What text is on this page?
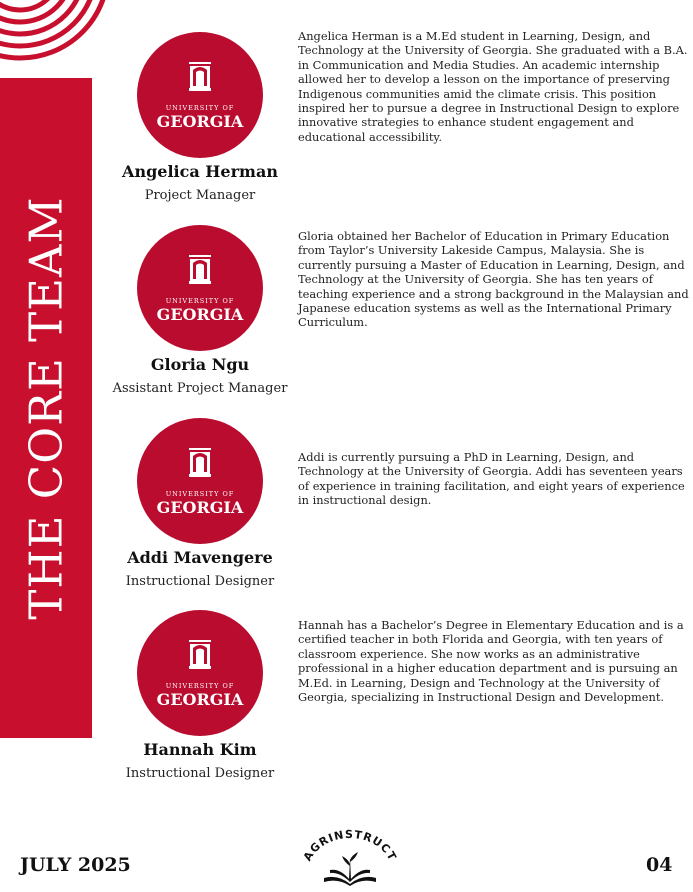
THE CORE TEAM
UNIVERSITY OF
GEORGIA
Angelica Herman
Project Manager
Angelica Herman is a M.Ed student in Learning, Design, and Technology at the University of Georgia. She graduated with a B.A. in Communication and Media Studies. An academic internship allowed her to develop a lesson on the importance of preserving Indigenous communities amid the climate crisis. This position inspired her to pursue a degree in Instructional Design to explore innovative strategies to enhance student engagement and educational accessibility.
UNIVERSITY OF
GEORGIA
Gloria Ngu
Assistant Project Manager
Gloria obtained her Bachelor of Education in Primary Education from Taylor’s University Lakeside Campus, Malaysia. She is currently pursuing a Master of Education in Learning, Design, and Technology at the University of Georgia. She has ten years of teaching experience and a strong background in the Malaysian and Japanese education systems as well as the International Primary Curriculum.
UNIVERSITY OF
GEORGIA
Addi Mavengere
Instructional Designer
Addi is currently pursuing a PhD in Learning, Design, and Technology at the University of Georgia. Addi has seventeen years of experience in training facilitation, and eight years of experience in instructional design.
UNIVERSITY OF
GEORGIA
Hannah Kim
Instructional Designer
Hannah has a Bachelor’s Degree in Elementary Education and is a certified teacher in both Florida and Georgia, with ten years of classroom experience. She now works as an administrative professional in a higher education department and is pursuing an M.Ed. in Learning, Design and Technology at the University of Georgia, specializing in Instructional Design and Development.
JULY 2025	AGRINSTRUCT	04
